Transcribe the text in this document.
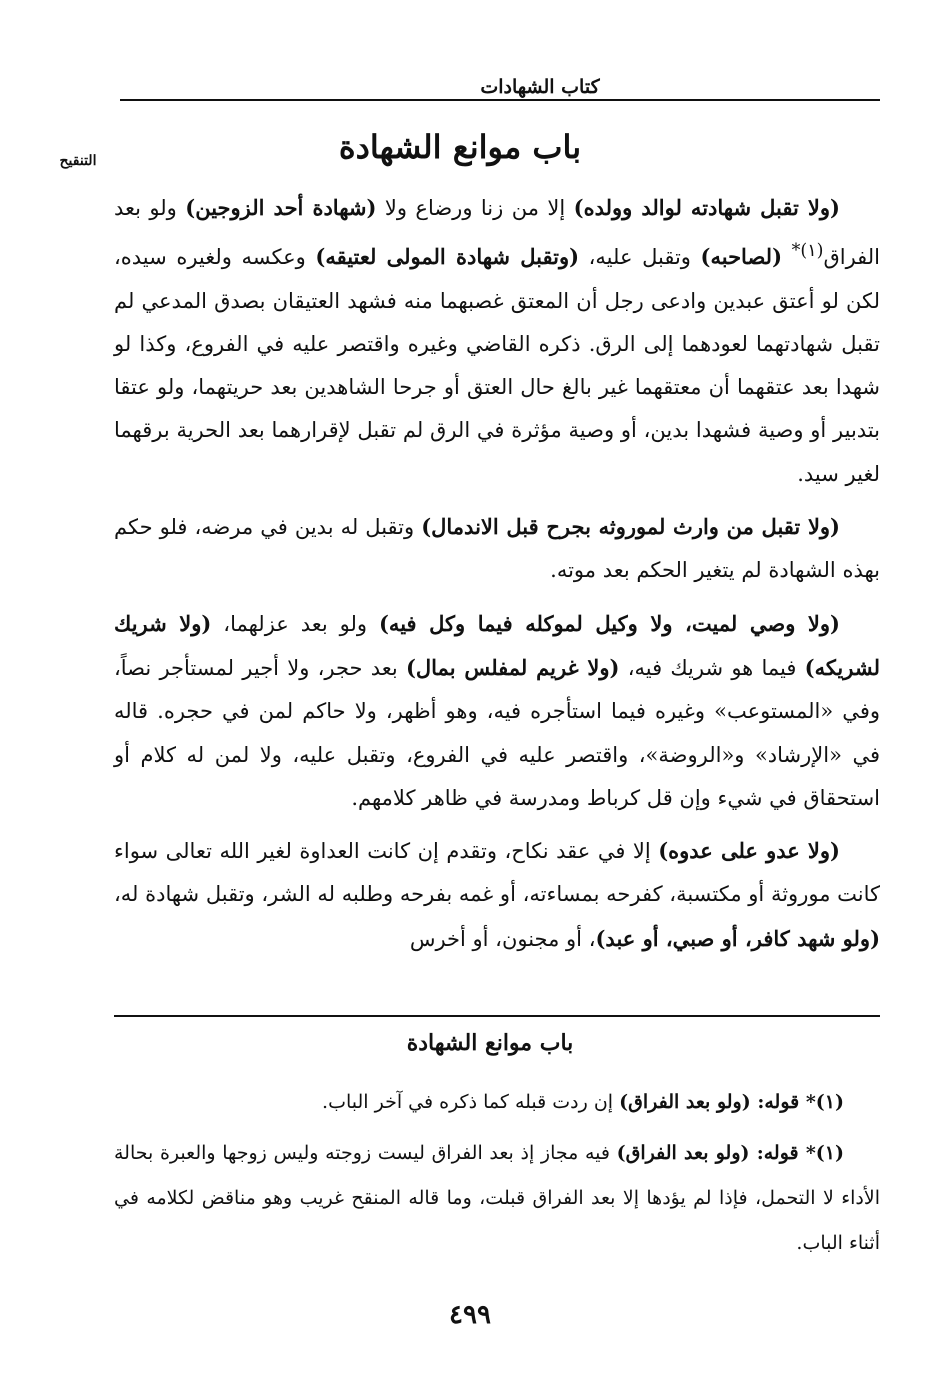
كتاب الشهادات
باب موانع الشهادة
التنقيح

(ولا تقبل شهادته لوالد وولده) إلا من زنا ورضاع ولا (شهادة أحد الزوجين) ولو بعد الفراق$^{(١)*}$ (لصاحبه) وتقبل عليه، (وتقبل شهادة المولى لعتيقه) وعكسه ولغيره سيده، لكن لو أعتق عبدين وادعى رجل أن المعتق غصبهما منه فشهد العتيقان بصدق المدعي لم تقبل شهادتهما لعودهما إلى الرق. ذكره القاضي وغيره واقتصر عليه في الفروع، وكذا لو شهدا بعد عتقهما أن معتقهما غير بالغ حال العتق أو جرحا الشاهدين بعد حريتهما، ولو عتقا بتدبير أو وصية فشهدا بدين، أو وصية مؤثرة في الرق لم تقبل لإقرارهما بعد الحرية برقهما لغير سيد.

(ولا تقبل من وارث لموروثه بجرح قبل الاندمال) وتقبل له بدين في مرضه، فلو حكم بهذه الشهادة لم يتغير الحكم بعد موته.

(ولا وصي لميت، ولا وكيل لموكله فيما وكل فيه) ولو بعد عزلهما، (ولا شريك لشريكه) فيما هو شريك فيه، (ولا غريم لمفلس بمال) بعد حجر، ولا أجير لمستأجر نصاً، وفي «المستوعب» وغيره فيما استأجره فيه، وهو أظهر، ولا حاكم لمن في حجره. قاله في «الإرشاد» و«الروضة»، واقتصر عليه في الفروع، وتقبل عليه، ولا لمن له كلام أو استحقاق في شيء وإن قل كرباط ومدرسة في ظاهر كلامهم.

(ولا عدو على عدوه) إلا في عقد نكاح، وتقدم إن كانت العداوة لغير الله تعالى سواء كانت موروثة أو مكتسبة، كفرحه بمساءته، أو غمه بفرحه وطلبه له الشر، وتقبل شهادة له، (ولو شهد كافر، أو صبي، أو عبد)، أو مجنون، أو أخرس

باب موانع الشهادة

(١)* قوله: (ولو بعد الفراق) إن ردت قبله كما ذكره في آخر الباب.

(١)* قوله: (ولو بعد الفراق) فيه مجاز إذ بعد الفراق ليست زوجته وليس زوجها والعبرة بحالة الأداء لا التحمل، فإذا لم يؤدها إلا بعد الفراق قبلت، وما قاله المنقح غريب وهو مناقض لكلامه في أثناء الباب.

٤٩٩
